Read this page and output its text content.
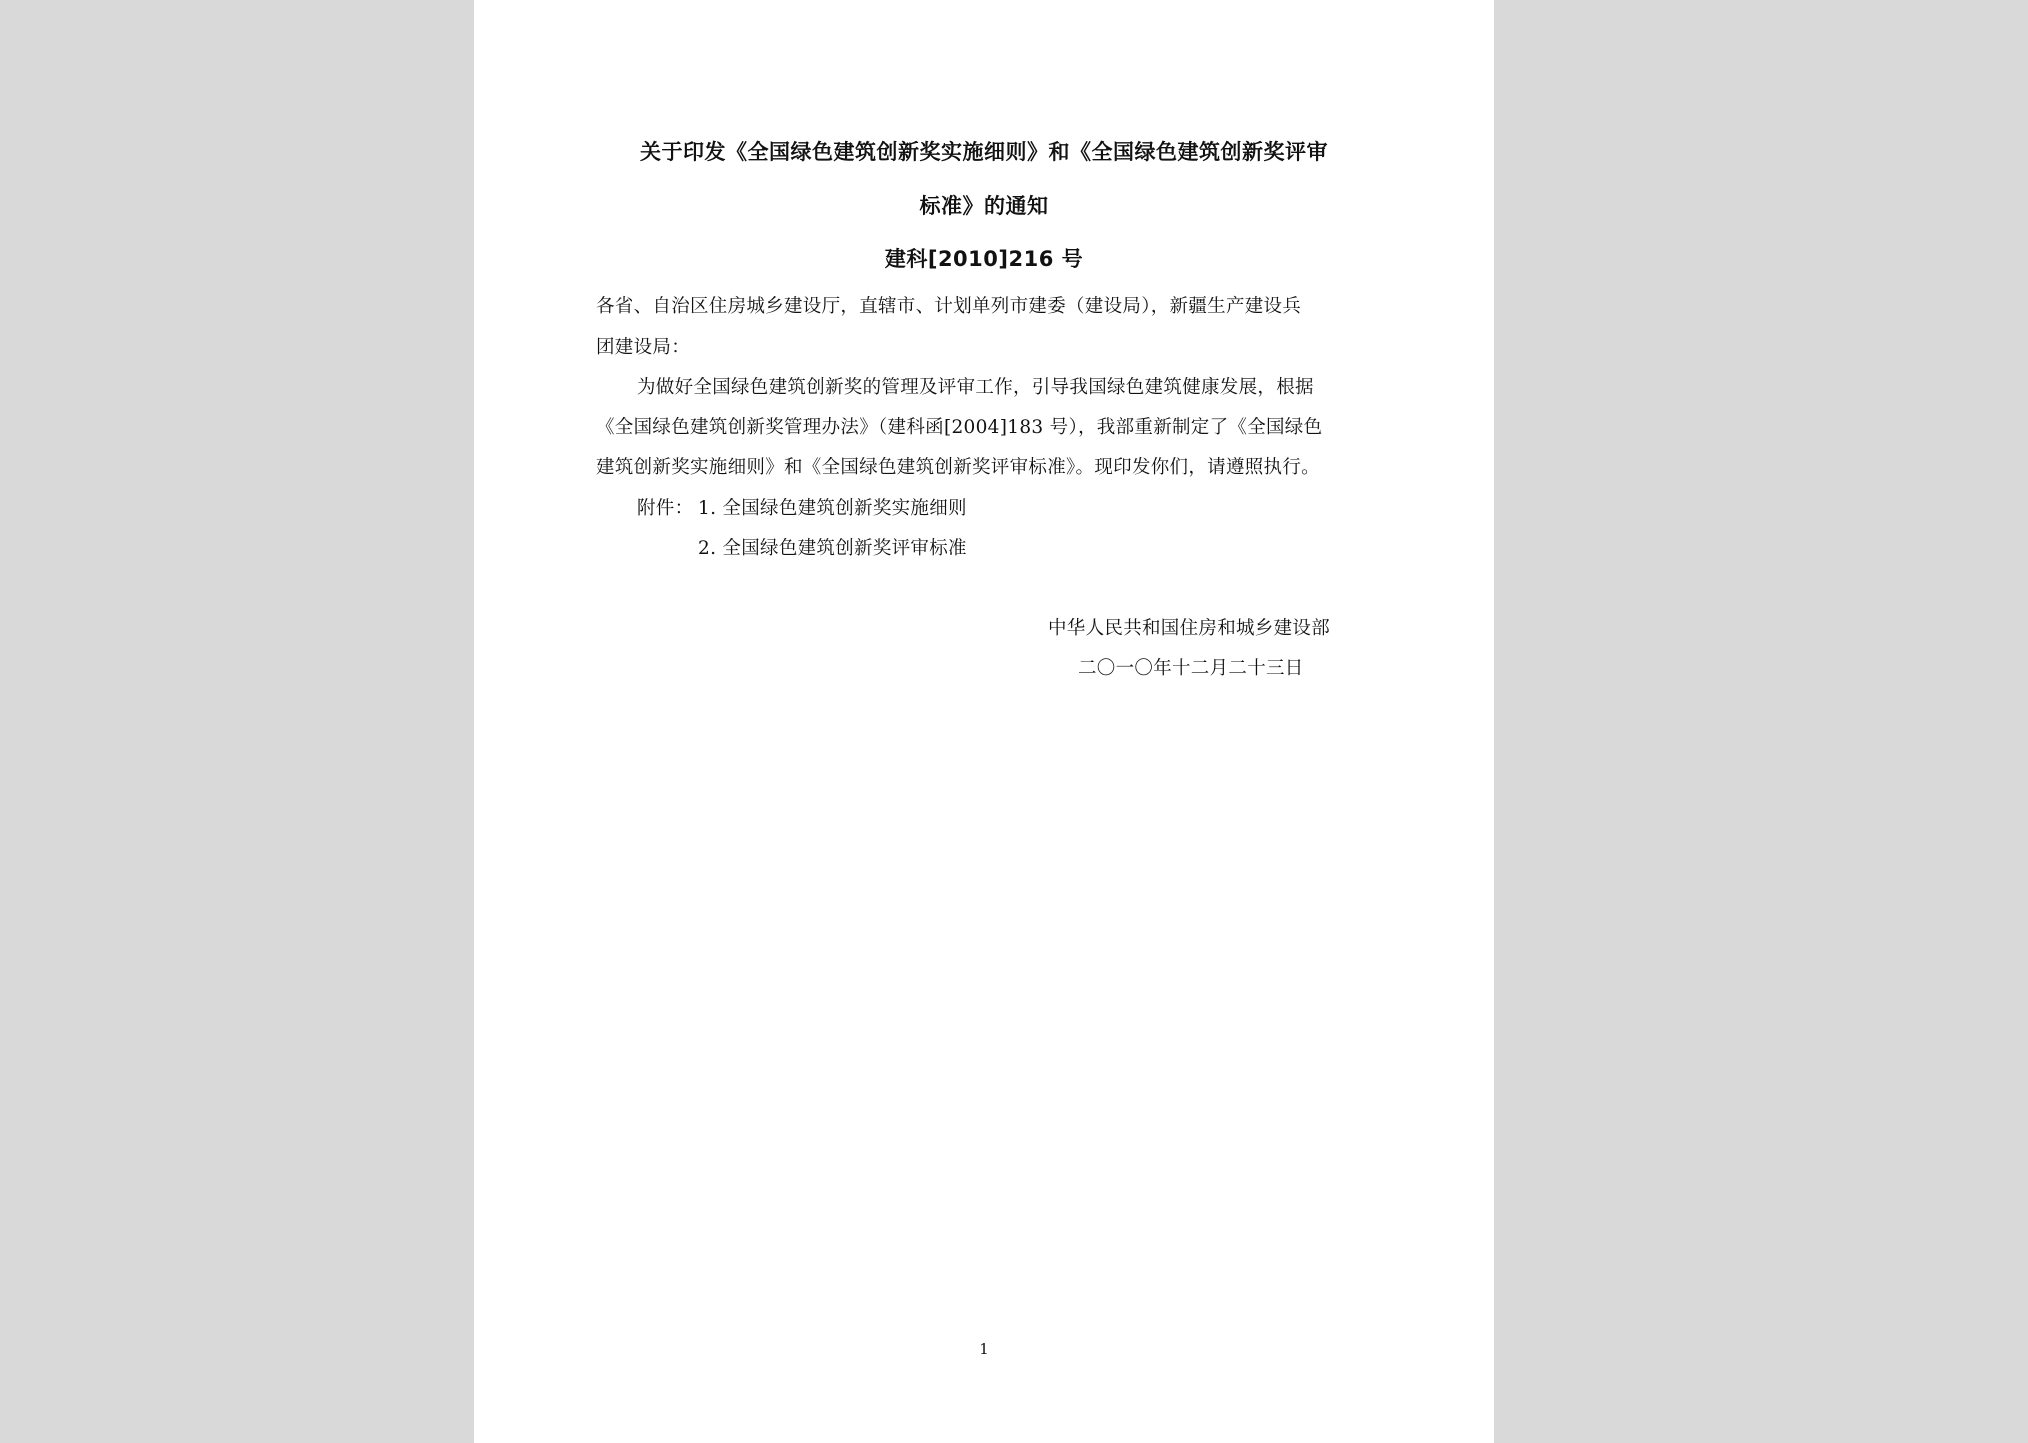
关于印发《全国绿色建筑创新奖实施细则》和《全国绿色建筑创新奖评审
标准》的通知
建科[2010]216 号
各省、自治区住房城乡建设厅，直辖市、计划单列市建委（建设局），新疆生产建设兵
团建设局：
为做好全国绿色建筑创新奖的管理及评审工作，引导我国绿色建筑健康发展，根据
《全国绿色建筑创新奖管理办法》（建科函[2004]183 号），我部重新制定了《全国绿色
建筑创新奖实施细则》和《全国绿色建筑创新奖评审标准》。现印发你们，请遵照执行。
附件： 1. 全国绿色建筑创新奖实施细则
2. 全国绿色建筑创新奖评审标准
中华人民共和国住房和城乡建设部
二〇一〇年十二月二十三日
1
